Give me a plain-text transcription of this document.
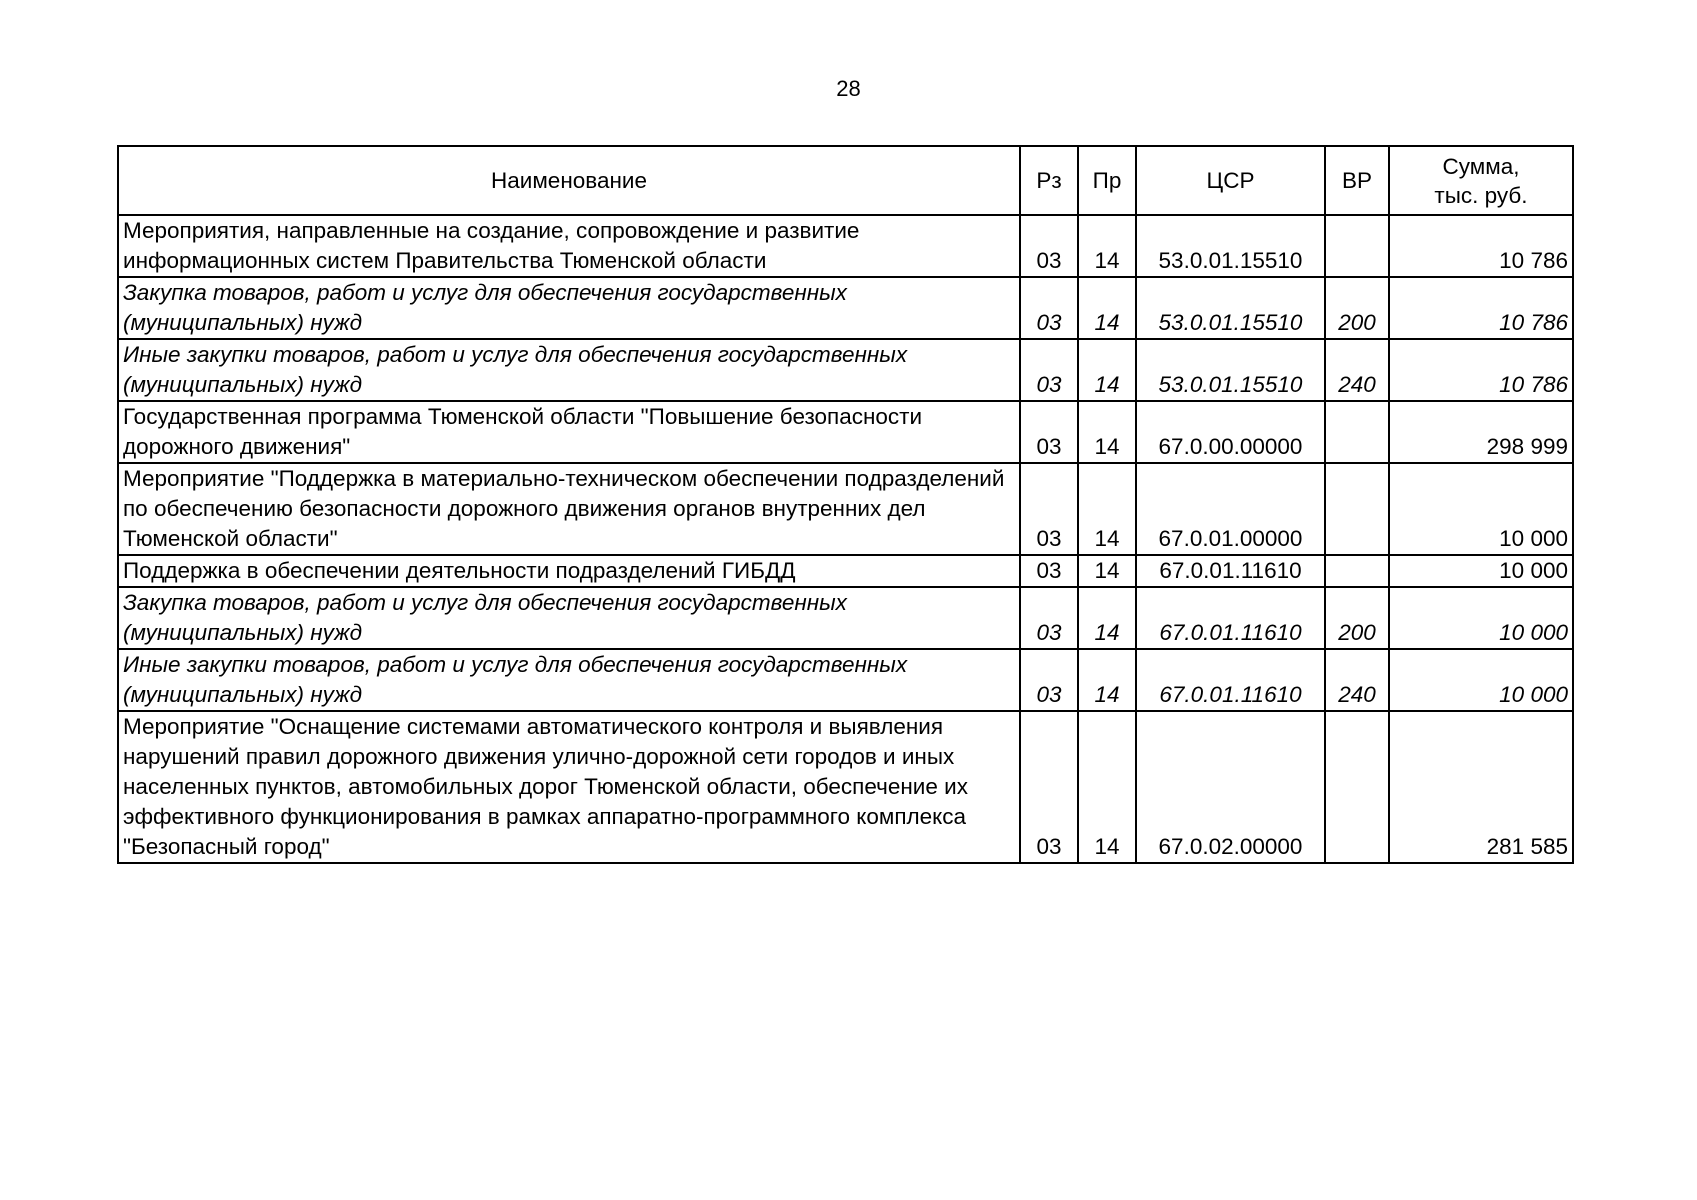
28
Наименование	Рз	Пр	ЦСР	ВР	Сумма,
тыс. руб.
Мероприятия, направленные на создание, сопровождение и развитие информационных систем Правительства Тюменской области	03	14	53.0.01.15510		10 786
Закупка товаров, работ и услуг для обеспечения государственных (муниципальных) нужд	03	14	53.0.01.15510	200	10 786
Иные закупки товаров, работ и услуг для обеспечения государственных (муниципальных) нужд	03	14	53.0.01.15510	240	10 786
Государственная программа Тюменской области "Повышение безопасности дорожного движения"	03	14	67.0.00.00000		298 999
Мероприятие "Поддержка в материально-техническом обеспечении подразделений по обеспечению безопасности дорожного движения органов внутренних дел Тюменской области"	03	14	67.0.01.00000		10 000
Поддержка в обеспечении деятельности подразделений ГИБДД	03	14	67.0.01.11610		10 000
Закупка товаров, работ и услуг для обеспечения государственных (муниципальных) нужд	03	14	67.0.01.11610	200	10 000
Иные закупки товаров, работ и услуг для обеспечения государственных (муниципальных) нужд	03	14	67.0.01.11610	240	10 000
Мероприятие "Оснащение системами автоматического контроля и выявления нарушений правил дорожного движения улично-дорожной сети городов и иных населенных пунктов, автомобильных дорог Тюменской области, обеспечение их эффективного функционирования в рамках аппаратно-программного комплекса "Безопасный город"	03	14	67.0.02.00000		281 585
